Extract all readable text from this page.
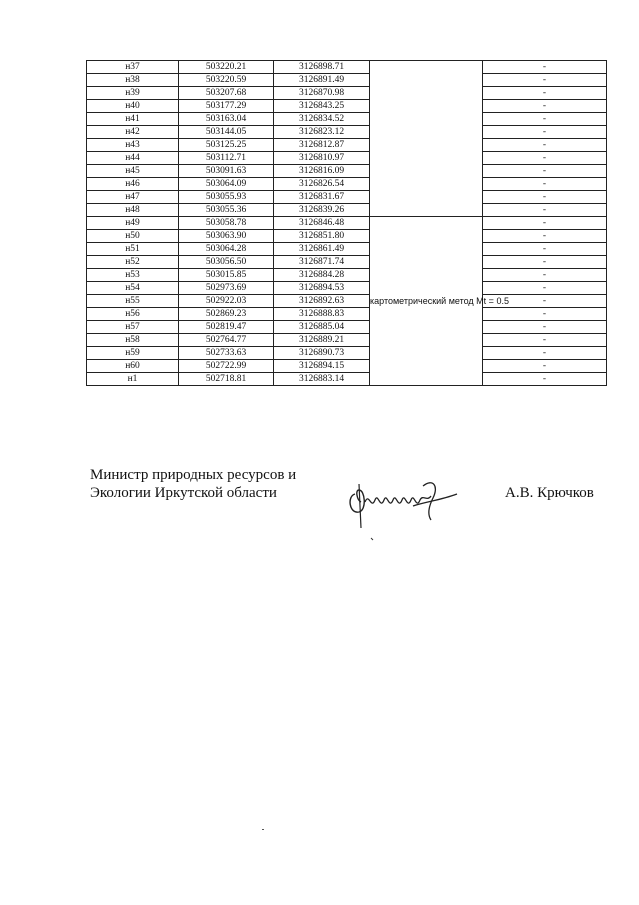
н37	503220.21	3126898.71		-
н38	503220.59	3126891.49		-
н39	503207.68	3126870.98		-
н40	503177.29	3126843.25		-
н41	503163.04	3126834.52		-
н42	503144.05	3126823.12		-
н43	503125.25	3126812.87		-
н44	503112.71	3126810.97		-
н45	503091.63	3126816.09		-
н46	503064.09	3126826.54		-
н47	503055.93	3126831.67		-
н48	503055.36	3126839.26		-
н49	503058.78	3126846.48	картометрический метод Mt = 0.5	-
н50	503063.90	3126851.80		-
н51	503064.28	3126861.49		-
н52	503056.50	3126871.74		-
н53	503015.85	3126884.28		-
н54	502973.69	3126894.53		-
н55	502922.03	3126892.63		-
н56	502869.23	3126888.83		-
н57	502819.47	3126885.04		-
н58	502764.77	3126889.21		-
н59	502733.63	3126890.73		-
н60	502722.99	3126894.15		-
н1	502718.81	3126883.14		-
Министр природных ресурсов и
Экологии Иркутской области	А.В. Крючков
